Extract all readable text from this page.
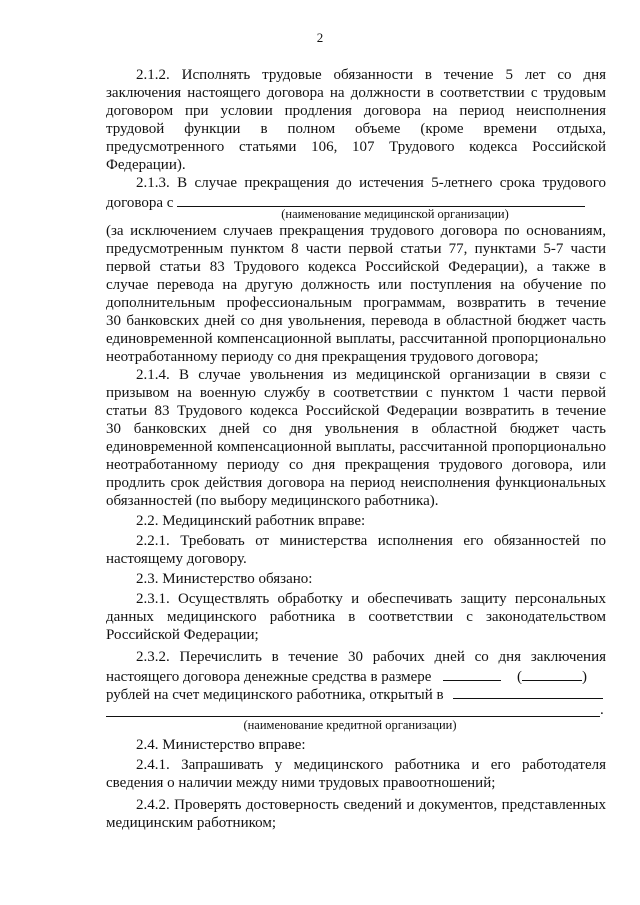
2
2.1.2. Исполнять трудовые обязанности в течение 5 лет со дня
заключения настоящего договора на должности в соответствии с трудовым
договором при условии продления договора на период неисполнения
трудовой функции в полном объеме (кроме времени отдыха,
предусмотренного статьями 106, 107 Трудового кодекса Российской
Федерации).
2.1.3. В случае прекращения до истечения 5-летнего срока трудового
договора с
(наименование медицинской организации)
(за исключением случаев прекращения трудового договора по основаниям,
предусмотренным пунктом 8 части первой статьи 77, пунктами 5-7 части
первой статьи 83 Трудового кодекса Российской Федерации), а также в
случае перевода на другую должность или поступления на обучение по
дополнительным профессиональным программам, возвратить в течение
30 банковских дней со дня увольнения, перевода в областной бюджет часть
единовременной компенсационной выплаты, рассчитанной пропорционально
неотработанному периоду со дня прекращения трудового договора;
2.1.4. В случае увольнения из медицинской организации в связи с
призывом на военную службу в соответствии с пунктом 1 части первой
статьи 83 Трудового кодекса Российской Федерации возвратить в течение
30 банковских дней со дня увольнения в областной бюджет часть
единовременной компенсационной выплаты, рассчитанной пропорционально
неотработанному периоду со дня прекращения трудового договора, или
продлить срок действия договора на период неисполнения функциональных
обязанностей (по выбору медицинского работника).
2.2. Медицинский работник вправе:
2.2.1. Требовать от министерства исполнения его обязанностей по
настоящему договору.
2.3. Министерство обязано:
2.3.1. Осуществлять обработку и обеспечивать защиту персональных
данных медицинского работника в соответствии с законодательством
Российской Федерации;
2.3.2. Перечислить в течение 30 рабочих дней со дня заключения
настоящего договора денежные средства в размере	(	)
рублей на счет медицинского работника, открытый в
.
(наименование кредитной организации)
2.4. Министерство вправе:
2.4.1. Запрашивать у медицинского работника и его работодателя
сведения о наличии между ними трудовых правоотношений;
2.4.2. Проверять достоверность сведений и документов, представленных
медицинским работником;
